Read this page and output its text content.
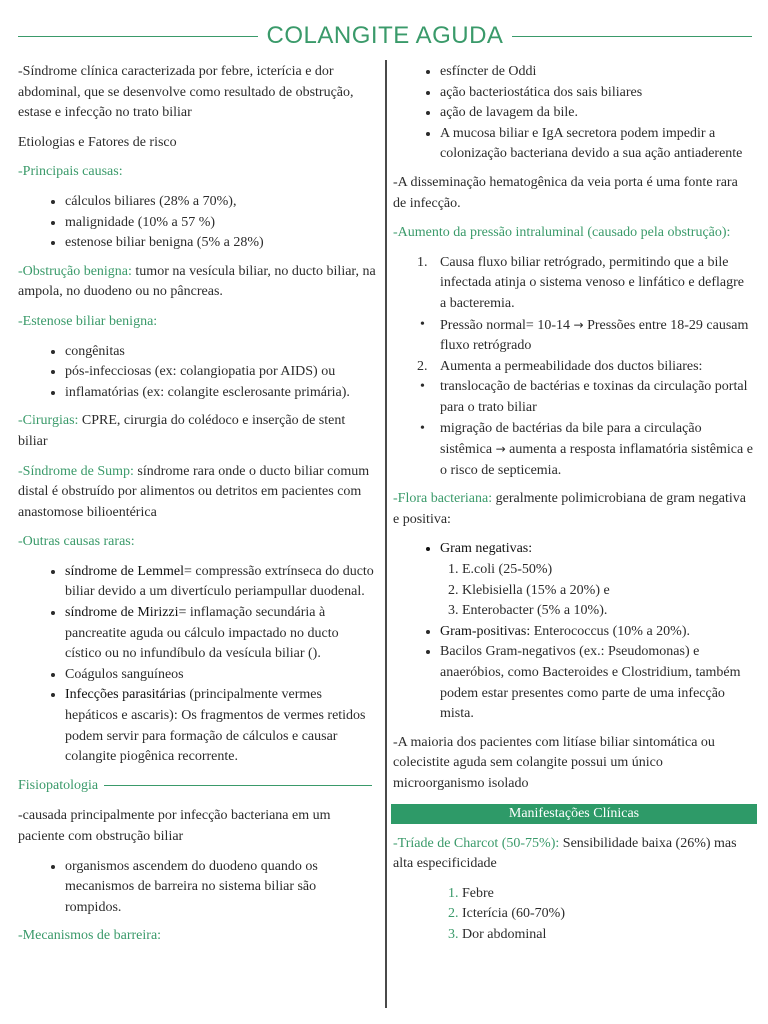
COLANGITE AGUDA

-Síndrome clínica caracterizada por febre, icterícia e dor abdominal, que se desenvolve como resultado de obstrução, estase e infecção no trato biliar

Etiologias e Fatores de risco

-Principais causas:

• cálculos biliares (28% a 70%),
• malignidade (10% a 57 %)
• estenose biliar benigna (5% a 28%)

-Obstrução benigna: tumor na vesícula biliar, no ducto biliar, na ampola, no duodeno ou no pâncreas.

-Estenose biliar benigna:

• congênitas
• pós-infecciosas (ex: colangiopatia por AIDS) ou
• inflamatórias (ex: colangite esclerosante primária).

-Cirurgias: CPRE, cirurgia do colédoco e inserção de stent biliar

-Síndrome de Sump: síndrome rara onde o ducto biliar comum distal é obstruído por alimentos ou detritos em pacientes com anastomose bilioentérica

-Outras causas raras:

• síndrome de Lemmel= compressão extrínseca do ducto biliar devido a um divertículo periampullar duodenal.
• síndrome de Mirizzi= inflamação secundária à pancreatite aguda ou cálculo impactado no ducto cístico ou no infundíbulo da vesícula biliar ().
• Coágulos sanguíneos
• Infecções parasitárias (principalmente vermes hepáticos e ascaris): Os fragmentos de vermes retidos podem servir para formação de cálculos e causar colangite piogênica recorrente.
Fisiopatologia

-causada principalmente por infecção bacteriana em um paciente com obstrução biliar

• organismos ascendem do duodeno quando os mecanismos de barreira no sistema biliar são rompidos.

-Mecanismos de barreira:

• esfíncter de Oddi
• ação bacteriostática dos sais biliares
• ação de lavagem da bile.
• A mucosa biliar e IgA secretora podem impedir a colonização bacteriana devido a sua ação antiaderente

-A disseminação hematogênica da veia porta é uma fonte rara de infecção.

-Aumento da pressão intraluminal (causado pela obstrução):

1. Causa fluxo biliar retrógrado, permitindo que a bile infectada atinja o sistema venoso e linfático e deflagre a bacteremia.
• Pressão normal= 10-14 → Pressões entre 18-29 causam fluxo retrógrado
2. Aumenta a permeabilidade dos ductos biliares:
• translocação de bactérias e toxinas da circulação portal para o trato biliar
• migração de bactérias da bile para a circulação sistêmica → aumenta a resposta inflamatória sistêmica e o risco de septicemia.

-Flora bacteriana: geralmente polimicrobiana de gram negativa e positiva:

• Gram negativas:
1. E.coli (25-50%)
2. Klebisiella (15% a 20%) e
3. Enterobacter (5% a 10%).
• Gram-positivas: Enterococcus (10% a 20%).
• Bacilos Gram-negativos (ex.: Pseudomonas) e anaeróbios, como Bacteroides e Clostridium, também podem estar presentes como parte de uma infecção mista.

-A maioria dos pacientes com litíase biliar sintomática ou colecistite aguda sem colangite possui um único microorganismo isolado

Manifestações Clínicas

-Tríade de Charcot (50-75%): Sensibilidade baixa (26%) mas alta especificidade

1. Febre
2. Icterícia (60-70%)
3. Dor abdominal
